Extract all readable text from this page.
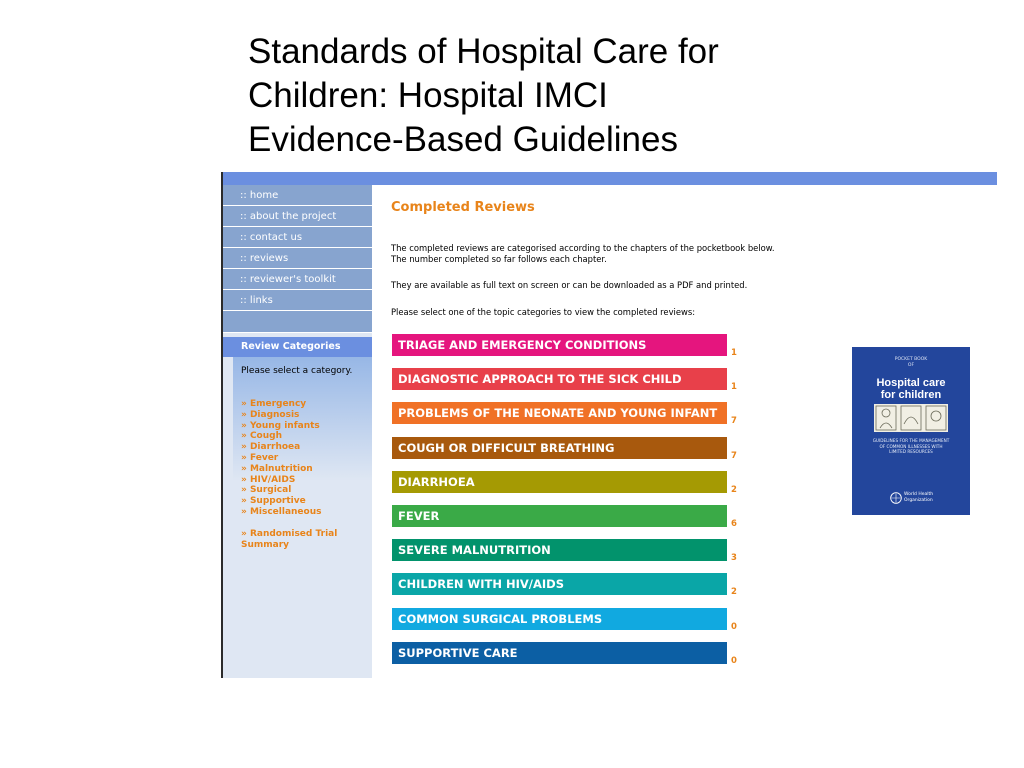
Standards of Hospital Care for
Children: Hospital IMCI
Evidence-Based Guidelines
:: home
:: about the project
:: contact us
:: reviews
:: reviewer's toolkit
:: links
Review Categories
Please select a category.
» Emergency
» Diagnosis
» Young infants
» Cough
» Diarrhoea
» Fever
» Malnutrition
» HIV/AIDS
» Surgical
» Supportive
» Miscellaneous
» Randomised Trial
Summary
Completed Reviews
The completed reviews are categorised according to the chapters of the pocketbook below.
The number completed so far follows each chapter.
They are available as full text on screen or can be downloaded as a PDF and printed.
Please select one of the topic categories to view the completed reviews:
TRIAGE AND EMERGENCY CONDITIONS
1
DIAGNOSTIC APPROACH TO THE SICK CHILD
1
PROBLEMS OF THE NEONATE AND YOUNG INFANT
7
COUGH OR DIFFICULT BREATHING
7
DIARRHOEA
2
FEVER
6
SEVERE MALNUTRITION
3
CHILDREN WITH HIV/AIDS
2
COMMON SURGICAL PROBLEMS
0
SUPPORTIVE CARE
0
POCKET BOOK
OF
Hospital care
for children
GUIDELINES FOR THE MANAGEMENT
OF COMMON ILLNESSES WITH
LIMITED RESOURCES
World Health
Organization
